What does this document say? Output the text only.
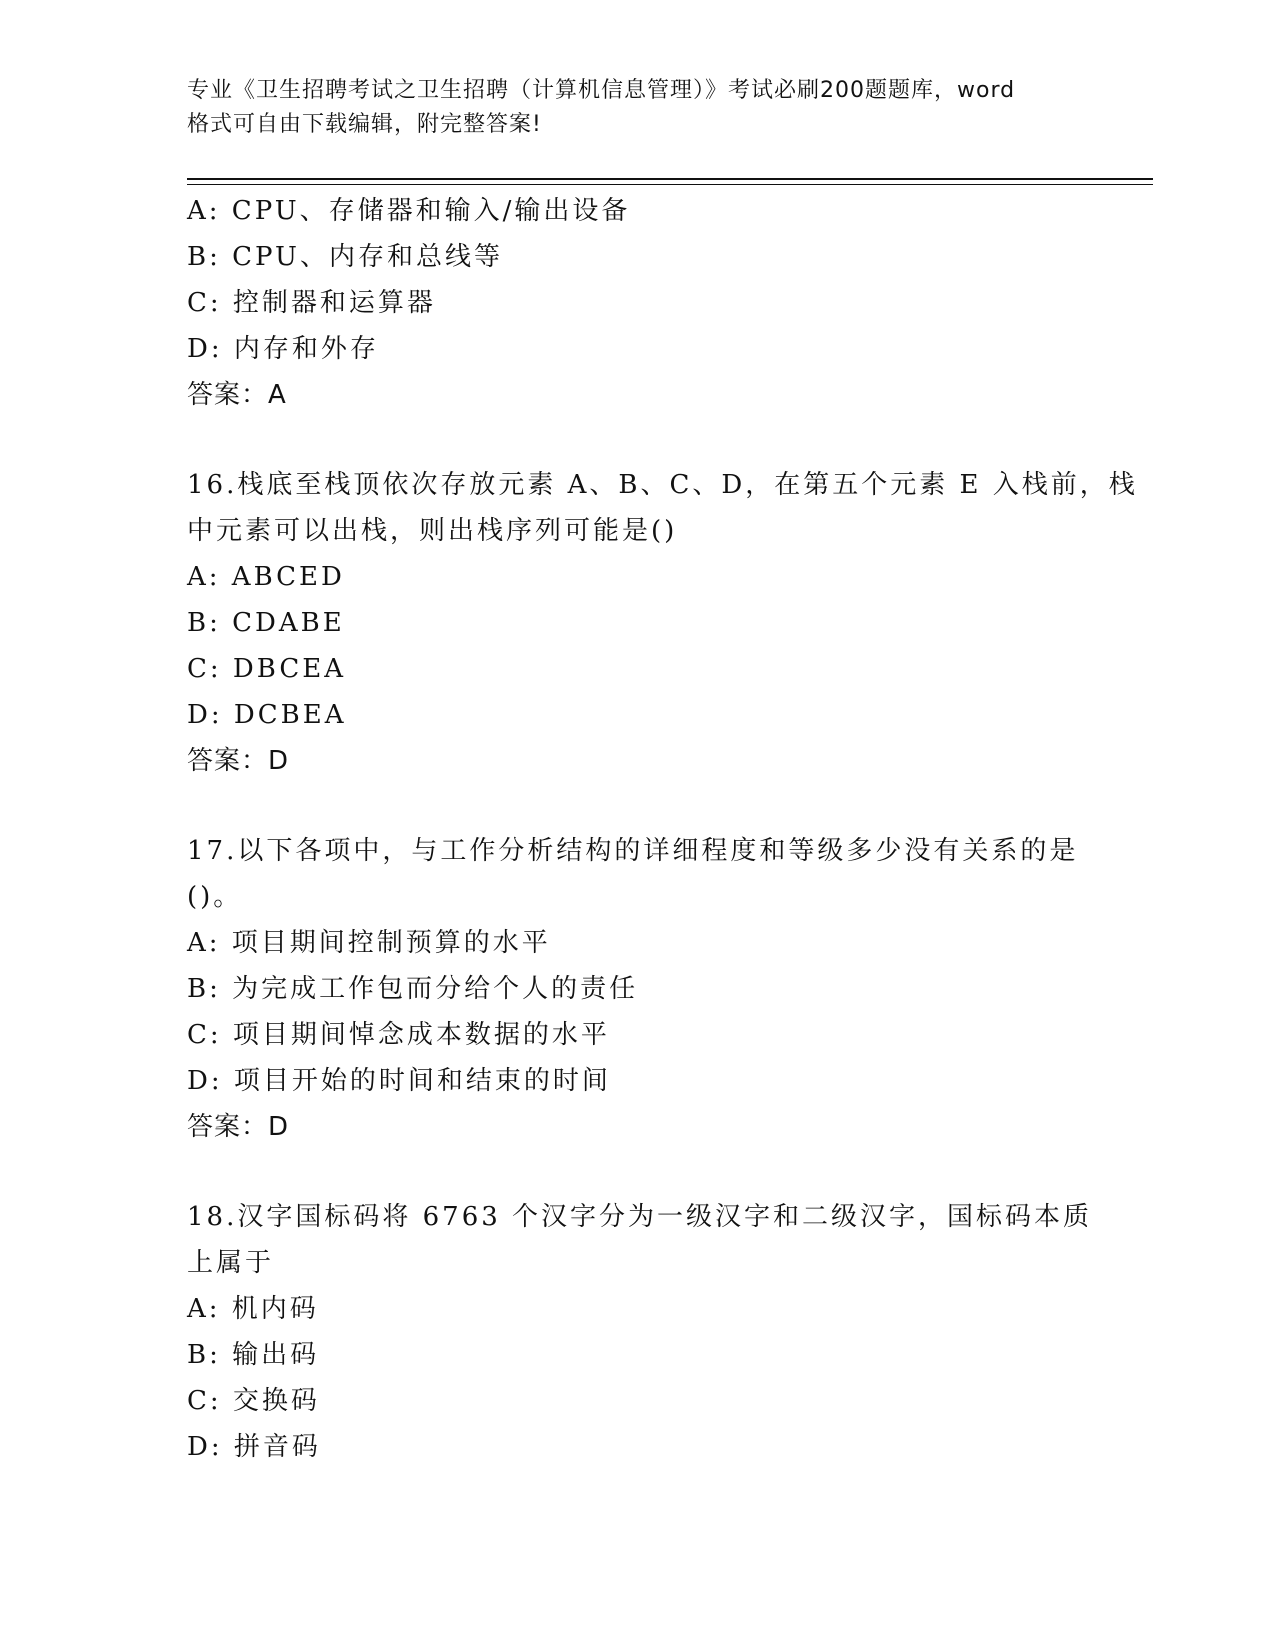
专业《卫生招聘考试之卫生招聘（计算机信息管理）》考试必刷200题题库，word
格式可自由下载编辑，附完整答案!
A: CPU、存储器和输入/输出设备
B: CPU、内存和总线等
C: 控制器和运算器
D: 内存和外存
答案：A
16.栈底至栈顶依次存放元素 A、B、C、D，在第五个元素 E 入栈前，栈
中元素可以出栈，则出栈序列可能是()
A: ABCED
B: CDABE
C: DBCEA
D: DCBEA
答案：D
17.以下各项中，与工作分析结构的详细程度和等级多少没有关系的是
()。
A: 项目期间控制预算的水平
B: 为完成工作包而分给个人的责任
C: 项目期间悼念成本数据的水平
D: 项目开始的时间和结束的时间
答案：D
18.汉字国标码将 6763 个汉字分为一级汉字和二级汉字，国标码本质
上属于
A: 机内码
B: 输出码
C: 交换码
D: 拼音码
